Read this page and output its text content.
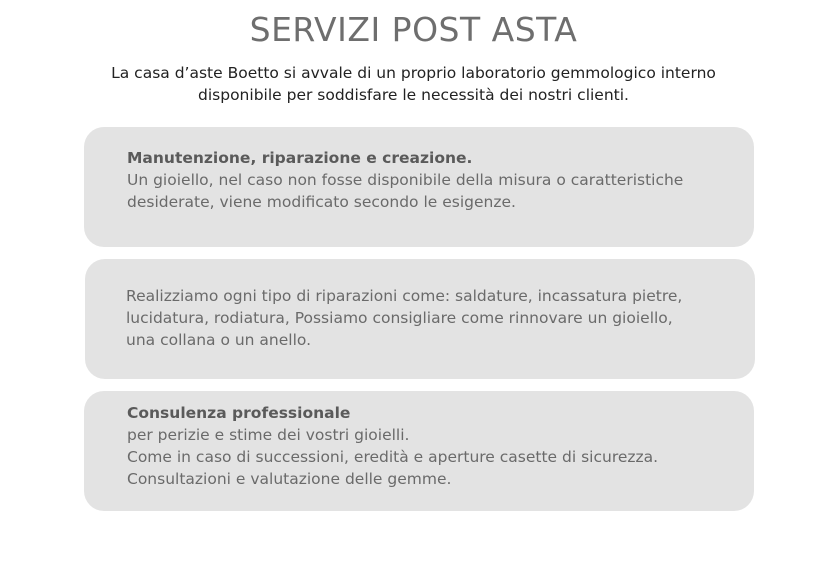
SERVIZI POST ASTA
La casa d’aste Boetto si avvale di un proprio laboratorio gemmologico interno
disponibile per soddisfare le necessità dei nostri clienti.
Manutenzione, riparazione e creazione.
Un gioiello, nel caso non fosse disponibile della misura o caratteristiche
desiderate, viene modificato secondo le esigenze.
Realizziamo ogni tipo di riparazioni come: saldature, incassatura pietre,
lucidatura, rodiatura, Possiamo consigliare come rinnovare un gioiello,
una collana o un anello.
Consulenza professionale
per perizie e stime dei vostri gioielli.
Come in caso di successioni, eredità e aperture casette di sicurezza.
Consultazioni e valutazione delle gemme.
